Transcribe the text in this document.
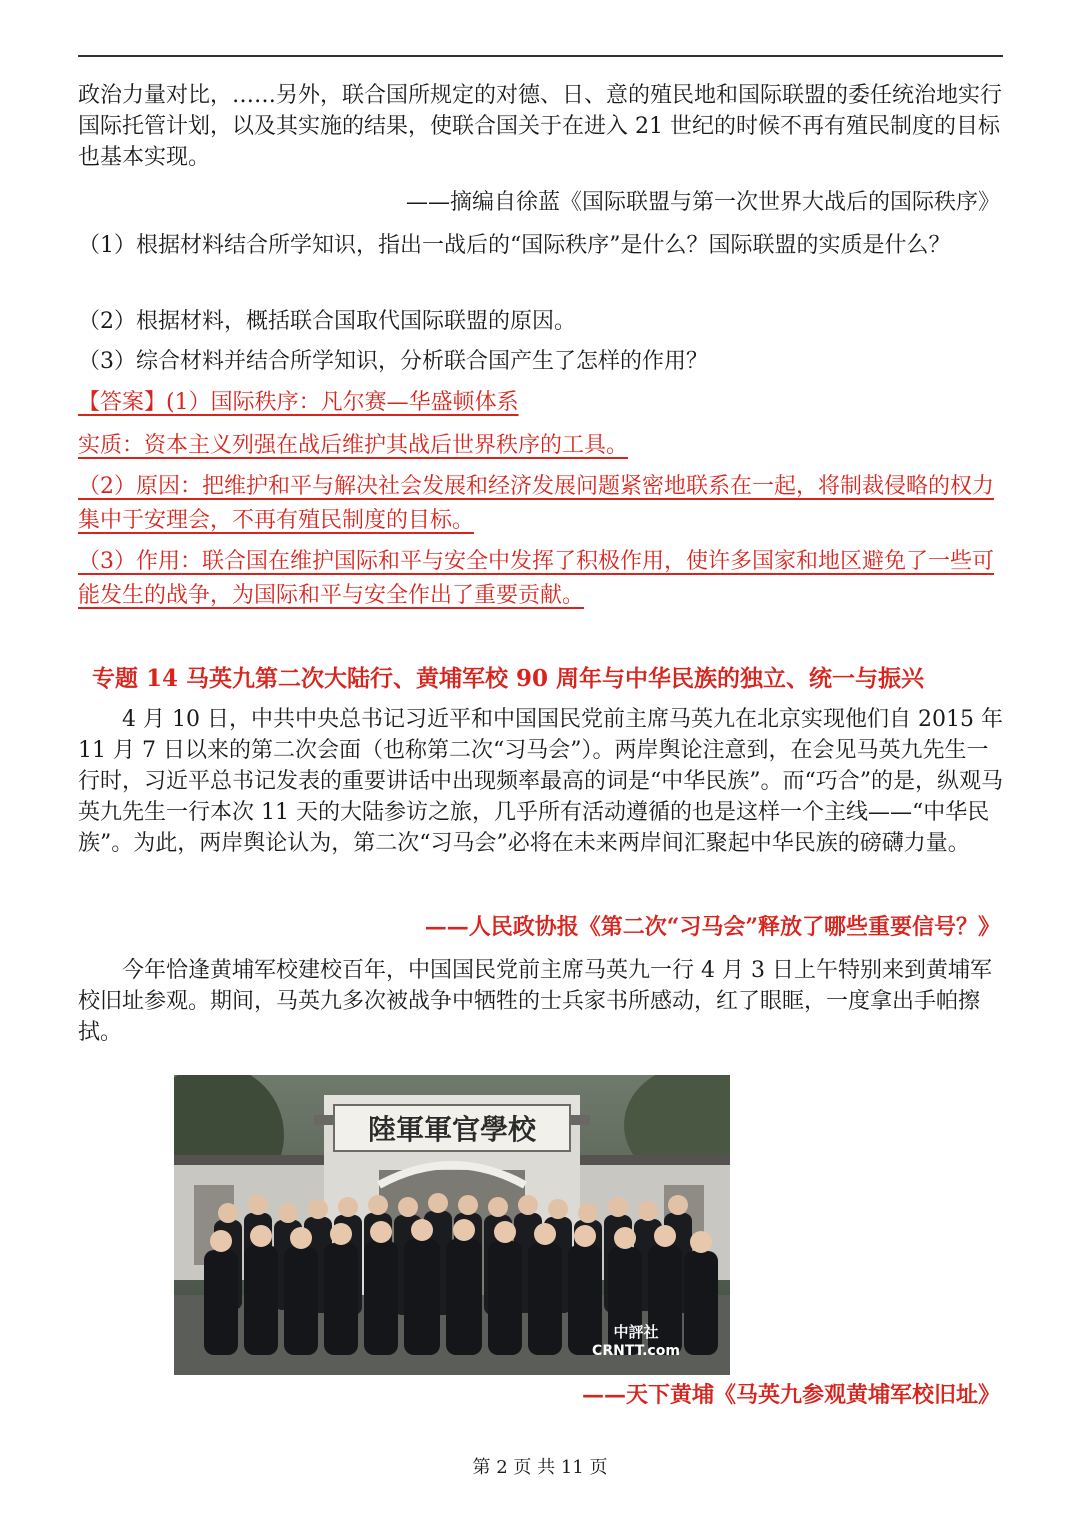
政治力量对比，……另外，联合国所规定的对德、日、意的殖民地和国际联盟的委任统治地实行国际托管计划，以及其实施的结果，使联合国关于在进入 21 世纪的时候不再有殖民制度的目标也基本实现。

——摘编自徐蓝《国际联盟与第一次世界大战后的国际秩序》

（1）根据材料结合所学知识，指出一战后的“国际秩序”是什么？国际联盟的实质是什么？

（2）根据材料，概括联合国取代国际联盟的原因。

（3）综合材料并结合所学知识，分析联合国产生了怎样的作用？

【答案】(1）国际秩序：凡尔赛—华盛顿体系

实质：资本主义列强在战后维护其战后世界秩序的工具。

（2）原因：把维护和平与解决社会发展和经济发展问题紧密地联系在一起，将制裁侵略的权力集中于安理会，不再有殖民制度的目标。

（3）作用：联合国在维护国际和平与安全中发挥了积极作用，使许多国家和地区避免了一些可能发生的战争，为国际和平与安全作出了重要贡献。

专题 14 马英九第二次大陆行、黄埔军校 90 周年与中华民族的独立、统一与振兴

4 月 10 日，中共中央总书记习近平和中国国民党前主席马英九在北京实现他们自 2015 年 11 月 7 日以来的第二次会面（也称第二次“习马会”）。两岸舆论注意到，在会见马英九先生一行时，习近平总书记发表的重要讲话中出现频率最高的词是“中华民族”。而“巧合”的是，纵观马英九先生一行本次 11 天的大陆参访之旅，几乎所有活动遵循的也是这样一个主线——“中华民族”。为此，两岸舆论认为，第二次“习马会”必将在未来两岸间汇聚起中华民族的磅礴力量。

——人民政协报《第二次“习马会”释放了哪些重要信号？》

今年恰逢黄埔军校建校百年，中国国民党前主席马英九一行 4 月 3 日上午特别来到黄埔军校旧址参观。期间，马英九多次被战争中牺牲的士兵家书所感动，红了眼眶，一度拿出手帕擦拭。

陸軍軍官學校
中評社
CRNTT.com

——天下黄埔《马英九参观黄埔军校旧址》

第 2 页 共 11 页
